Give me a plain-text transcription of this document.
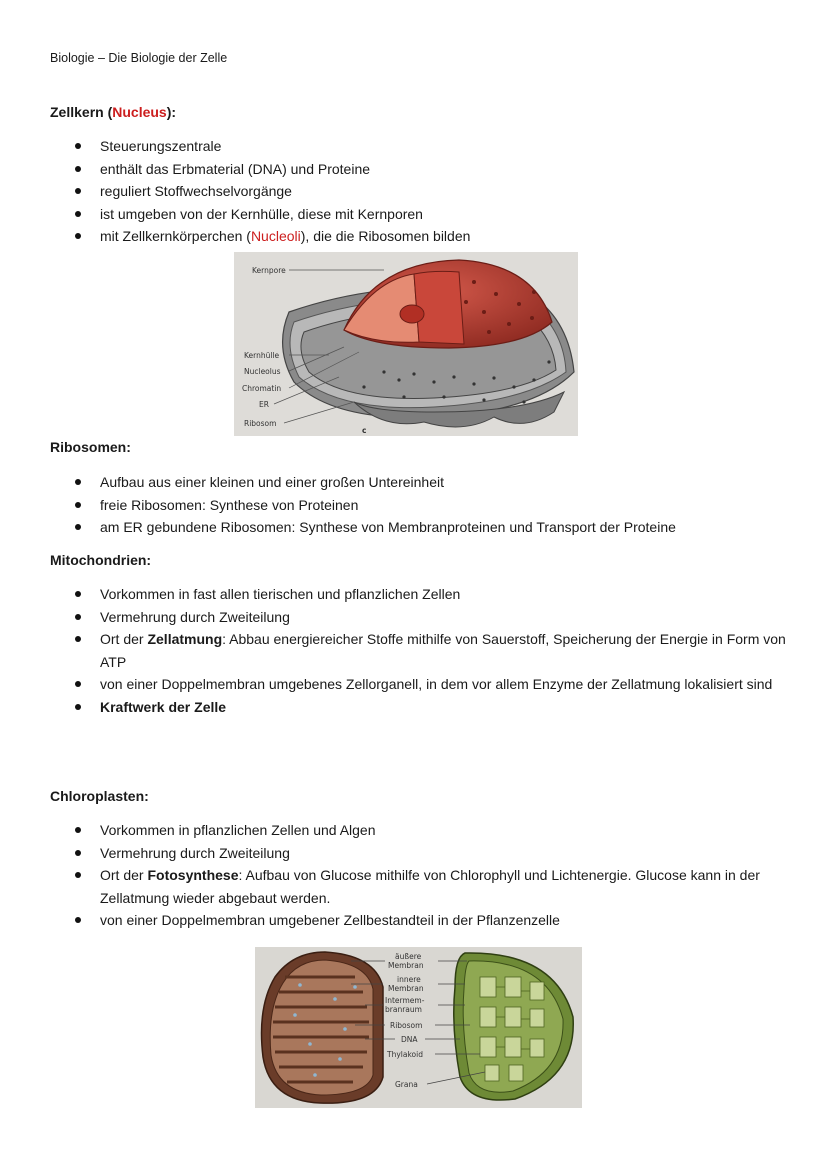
Biologie – Die Biologie der Zelle
Zellkern (Nucleus):
Steuerungszentrale
enthält das Erbmaterial (DNA) und Proteine
reguliert Stoffwechselvorgänge
ist umgeben von der Kernhülle, diese mit Kernporen
mit Zellkernkörperchen (Nucleoli), die die Ribosomen bilden
Kernpore
Kernhülle
Nucleolus
Chromatin
ER
Ribosom
c
Ribosomen:
Aufbau aus einer kleinen und einer großen Untereinheit
freie Ribosomen: Synthese von Proteinen
am ER gebundene Ribosomen: Synthese von Membranproteinen und Transport der Proteine
Mitochondrien:
Vorkommen in fast allen tierischen und pflanzlichen Zellen
Vermehrung durch Zweiteilung
Ort der Zellatmung: Abbau energiereicher Stoffe mithilfe von Sauerstoff, Speicherung der Energie in Form von ATP
von einer Doppelmembran umgebenes Zellorganell, in dem vor allem Enzyme der Zellatmung lokalisiert sind
Kraftwerk der Zelle
Chloroplasten:
Vorkommen in pflanzlichen Zellen und Algen
Vermehrung durch Zweiteilung
Ort der Fotosynthese: Aufbau von Glucose mithilfe von Chlorophyll und Lichtenergie. Glucose kann in der Zellatmung wieder abgebaut werden.
von einer Doppelmembran umgebener Zellbestandteil in der Pflanzenzelle
äußere
Membran
innere
Membran
Intermem-
branraum
Ribosom
DNA
Thylakoid
Grana
